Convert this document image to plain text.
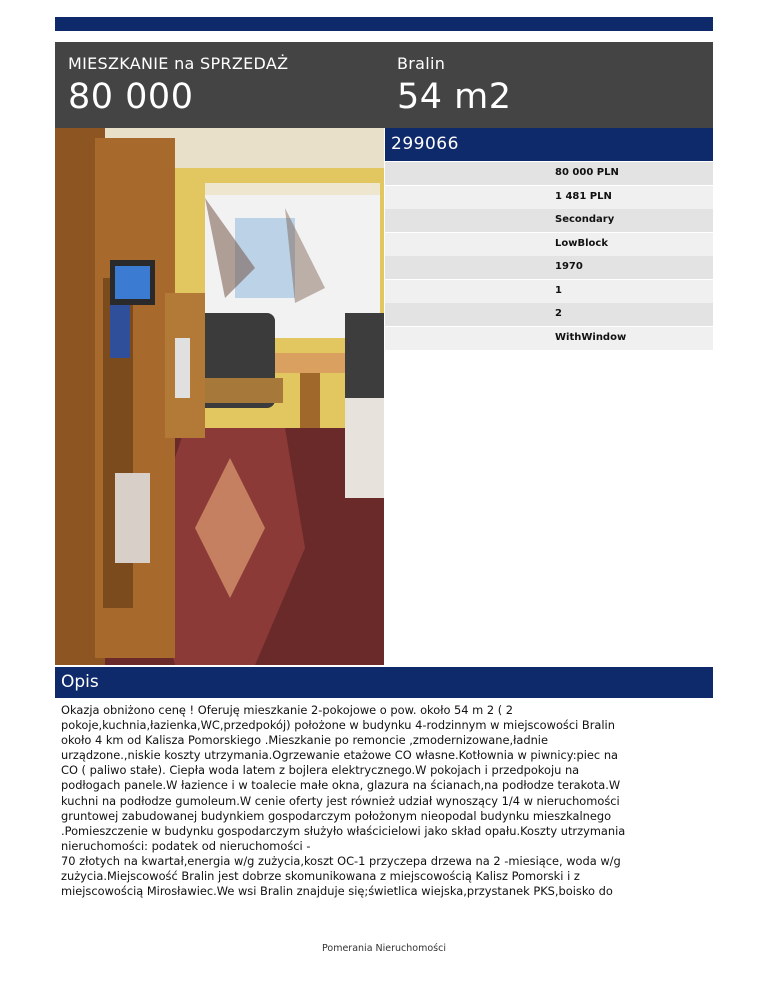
MIESZKANIE na SPRZEDAŻ
80 000
Bralin
54 m2
299066
80 000 PLN
1 481 PLN
Secondary
LowBlock
1970
1
2
WithWindow
Opis
Okazja obniżono cenę ! Oferuję mieszkanie 2-pokojowe o pow. około 54 m 2 ( 2
pokoje,kuchnia,łazienka,WC,przedpokój) położone w budynku 4-rodzinnym w miejscowości Bralin
około 4 km od Kalisza Pomorskiego .Mieszkanie po remoncie ,zmodernizowane,ładnie
urządzone.,niskie koszty utrzymania.Ogrzewanie etażowe CO własne.Kotłownia w piwnicy:piec na
CO ( paliwo stałe). Ciepła woda latem z bojlera elektrycznego.W pokojach i przedpokoju na
podłogach panele.W łazience i w toalecie małe okna, glazura na ścianach,na podłodze terakota.W
kuchni na podłodze gumoleum.W cenie oferty jest również udział wynoszący 1/4 w nieruchomości
gruntowej zabudowanej budynkiem gospodarczym położonym nieopodal budynku mieszkalnego
.Pomieszczenie w budynku gospodarczym służyło właścicielowi jako skład opału.Koszty utrzymania
nieruchomości: podatek od nieruchomości -
70 złotych na kwartał,energia w/g zużycia,koszt OC-1 przyczepa drzewa na 2 -miesiące, woda w/g
zużycia.Miejscowość Bralin jest dobrze skomunikowana z miejscowością Kalisz Pomorski i z
miejscowością Mirosławiec.We wsi Bralin znajduje się;świetlica wiejska,przystanek PKS,boisko do
Pomerania Nieruchomości
